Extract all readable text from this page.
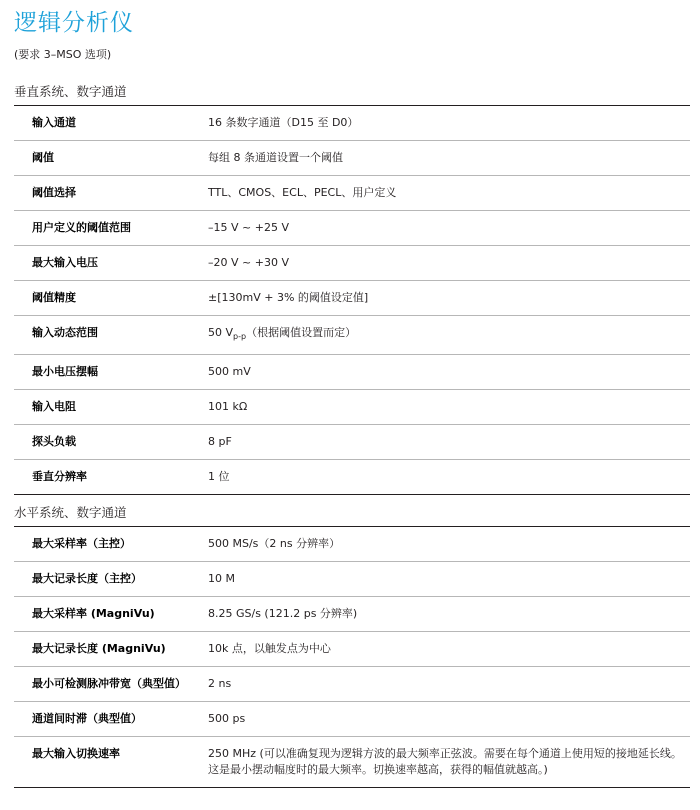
逻辑分析仪
(要求 3–MSO 选项)
垂直系统、数字通道
输入通道	16 条数字通道（D15 至 D0）
阈值	每组 8 条通道设置一个阈值
阈值选择	TTL、CMOS、ECL、PECL、用户定义
用户定义的阈值范围	–15 V ~ +25 V
最大输入电压	–20 V ~ +30 V
阈值精度	±[130mV + 3% 的阈值设定值]
输入动态范围	50 $V_{p-p}$（根据阈值设置而定）
最小电压摆幅	500 mV
输入电阻	101 kΩ
探头负载	8 pF
垂直分辨率	1 位
水平系统、数字通道
最大采样率（主控）	500 MS/s（2 ns 分辨率）
最大记录长度（主控）	10 M
最大采样率 (MagniVu)	8.25 GS/s (121.2 ps 分辨率)
最大记录长度 (MagniVu)	10k 点，以触发点为中心
最小可检测脉冲带宽（典型值）	2 ns
通道间时滞（典型值）	500 ps
最大输入切换速率	250 MHz (可以准确复现为逻辑方波的最大频率正弦波。需要在每个通道上使用短的接地延长线。这是最小摆动幅度时的最大频率。切换速率越高，获得的幅值就越高。)
